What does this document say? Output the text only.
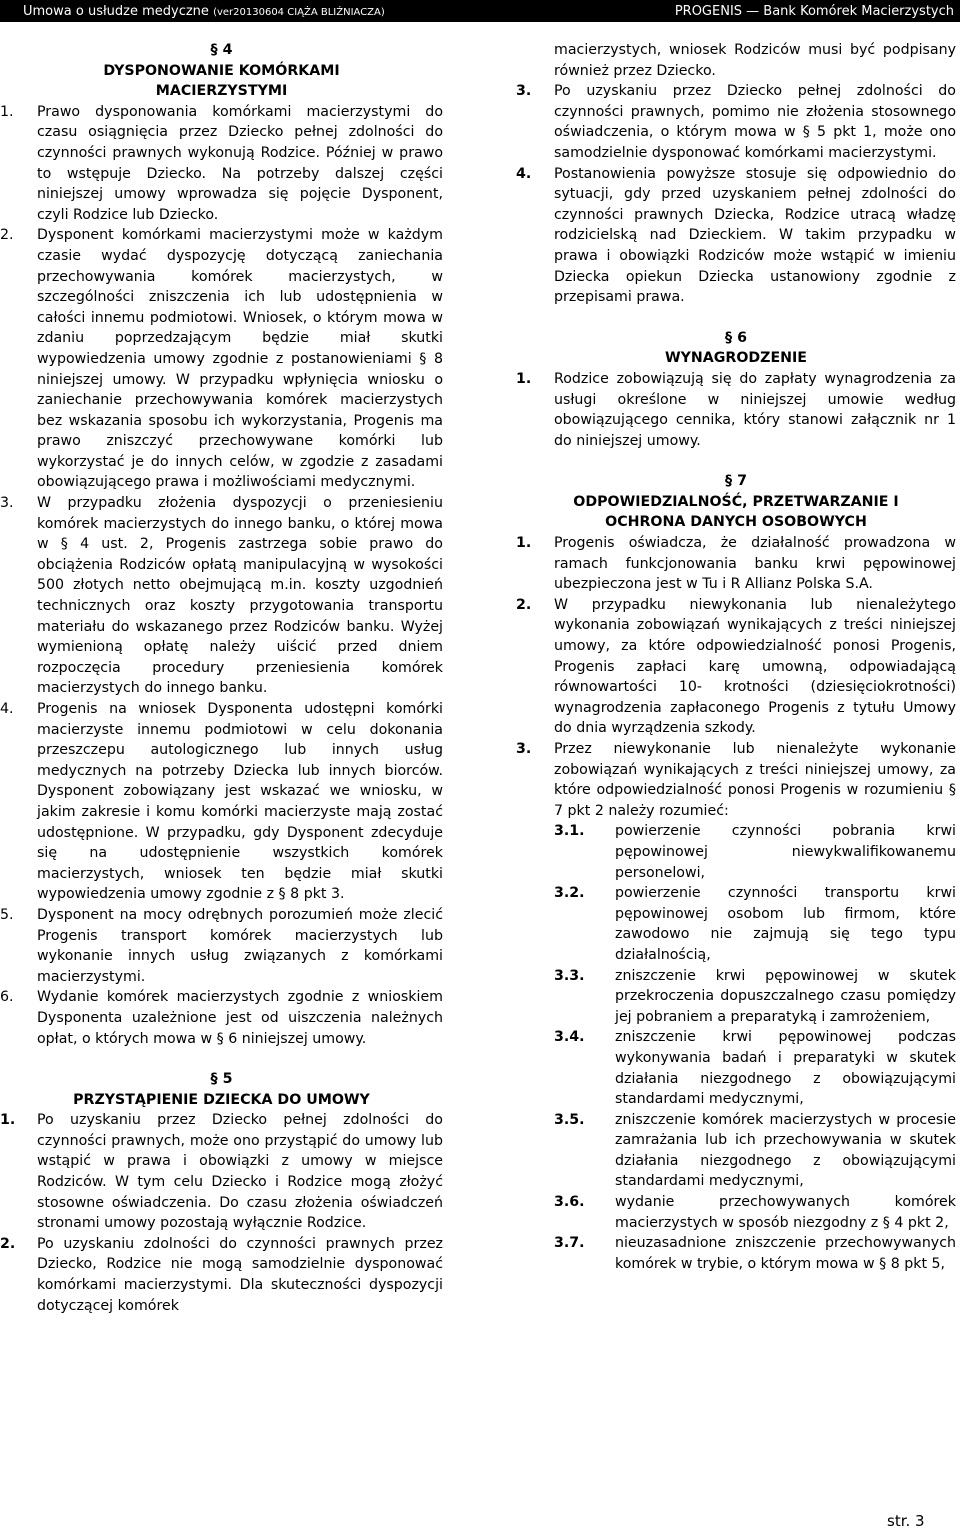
Umowa o usłudze medyczne (ver20130604 CIĄŻA BLIŹNIACZA)	PROGENIS — Bank Komórek Macierzystych
§ 4
DYSPONOWANIE KOMÓRKAMI
MACIERZYSTYMI
1.	Prawo dysponowania komórkami macierzystymi do czasu osiągnięcia przez Dziecko pełnej zdolności do czynności prawnych wykonują Rodzice. Później w prawo to wstępuje Dziecko. Na potrzeby dalszej części niniejszej umowy wprowadza się pojęcie Dysponent, czyli Rodzice lub Dziecko.
2.	Dysponent komórkami macierzystymi może w każdym czasie wydać dyspozycję dotyczącą zaniechania przechowywania komórek macierzystych, w szczególności zniszczenia ich lub udostępnienia w całości innemu podmiotowi. Wniosek, o którym mowa w zdaniu poprzedzającym będzie miał skutki wypowiedzenia umowy zgodnie z postanowieniami § 8 niniejszej umowy. W przypadku wpłynięcia wniosku o zaniechanie przechowywania komórek macierzystych bez wskazania sposobu ich wykorzystania, Progenis ma prawo zniszczyć przechowywane komórki lub wykorzystać je do innych celów, w zgodzie z zasadami obowiązującego prawa i możliwościami medycznymi.
3.	W przypadku złożenia dyspozycji o przeniesieniu komórek macierzystych do innego banku, o której mowa w § 4 ust. 2, Progenis zastrzega sobie prawo do obciążenia Rodziców opłatą manipulacyjną w wysokości 500 złotych netto obejmującą m.in. koszty uzgodnień technicznych oraz koszty przygotowania transportu materiału do wskazanego przez Rodziców banku. Wyżej wymienioną opłatę należy uiścić przed dniem rozpoczęcia procedury przeniesienia komórek macierzystych do innego banku.
4.	Progenis na wniosek Dysponenta udostępni komórki macierzyste innemu podmiotowi w celu dokonania przeszczepu autologicznego lub innych usług medycznych na potrzeby Dziecka lub innych biorców. Dysponent zobowiązany jest wskazać we wniosku, w jakim zakresie i komu komórki macierzyste mają zostać udostępnione. W przypadku, gdy Dysponent zdecyduje się na udostępnienie wszystkich komórek macierzystych, wniosek ten będzie miał skutki wypowiedzenia umowy zgodnie z § 8 pkt 3.
5.	Dysponent na mocy odrębnych porozumień może zlecić Progenis transport komórek macierzystych lub wykonanie innych usług związanych z komórkami macierzystymi.
6.	Wydanie komórek macierzystych zgodnie z wnioskiem Dysponenta uzależnione jest od uiszczenia należnych opłat, o których mowa w § 6 niniejszej umowy.
§ 5
PRZYSTĄPIENIE DZIECKA DO UMOWY
1.	Po uzyskaniu przez Dziecko pełnej zdolności do czynności prawnych, może ono przystąpić do umowy lub wstąpić w prawa i obowiązki z umowy w miejsce Rodziców. W tym celu Dziecko i Rodzice mogą złożyć stosowne oświadczenia. Do czasu złożenia oświadczeń stronami umowy pozostają wyłącznie Rodzice.
2.	Po uzyskaniu zdolności do czynności prawnych przez Dziecko, Rodzice nie mogą samodzielnie dysponować komórkami macierzystymi. Dla skuteczności dyspozycji dotyczącej komórek
macierzystych, wniosek Rodziców musi być podpisany również przez Dziecko.
3.	Po uzyskaniu przez Dziecko pełnej zdolności do czynności prawnych, pomimo nie złożenia stosownego oświadczenia, o którym mowa w § 5 pkt 1, może ono samodzielnie dysponować komórkami macierzystymi.
4.	Postanowienia powyższe stosuje się odpowiednio do sytuacji, gdy przed uzyskaniem pełnej zdolności do czynności prawnych Dziecka, Rodzice utracą władzę rodzicielską nad Dzieckiem. W takim przypadku w prawa i obowiązki Rodziców może wstąpić w imieniu Dziecka opiekun Dziecka ustanowiony zgodnie z przepisami prawa.
§ 6
WYNAGRODZENIE
1.	Rodzice zobowiązują się do zapłaty wynagrodzenia za usługi określone w niniejszej umowie według obowiązującego cennika, który stanowi załącznik nr 1 do niniejszej umowy.
§ 7
ODPOWIEDZIALNOŚĆ, PRZETWARZANIE I
OCHRONA DANYCH OSOBOWYCH
1.	Progenis oświadcza, że działalność prowadzona w ramach funkcjonowania banku krwi pępowinowej ubezpieczona jest w Tu i R Allianz Polska S.A.
2.	W przypadku niewykonania lub nienależytego wykonania zobowiązań wynikających z treści niniejszej umowy, za które odpowiedzialność ponosi Progenis, Progenis zapłaci karę umowną, odpowiadającą równowartości 10- krotności (dziesięciokrotności) wynagrodzenia zapłaconego Progenis z tytułu Umowy do dnia wyrządzenia szkody.
3.	Przez niewykonanie lub nienależyte wykonanie zobowiązań wynikających z treści niniejszej umowy, za które odpowiedzialność ponosi Progenis w rozumieniu § 7 pkt 2 należy rozumieć:
3.1.	powierzenie czynności pobrania krwi pępowinowej niewykwalifikowanemu personelowi,
3.2.	powierzenie czynności transportu krwi pępowinowej osobom lub firmom, które zawodowo nie zajmują się tego typu działalnością,
3.3.	zniszczenie krwi pępowinowej w skutek przekroczenia dopuszczalnego czasu pomiędzy jej pobraniem a preparatyką i zamrożeniem,
3.4.	zniszczenie krwi pępowinowej podczas wykonywania badań i preparatyki w skutek działania niezgodnego z obowiązującymi standardami medycznymi,
3.5.	zniszczenie komórek macierzystych w procesie zamrażania lub ich przechowywania w skutek działania niezgodnego z obowiązującymi standardami medycznymi,
3.6.	wydanie przechowywanych komórek macierzystych w sposób niezgodny z § 4 pkt 2,
3.7.	nieuzasadnione zniszczenie przechowywanych komórek w trybie, o którym mowa w § 8 pkt 5,
str. 3
